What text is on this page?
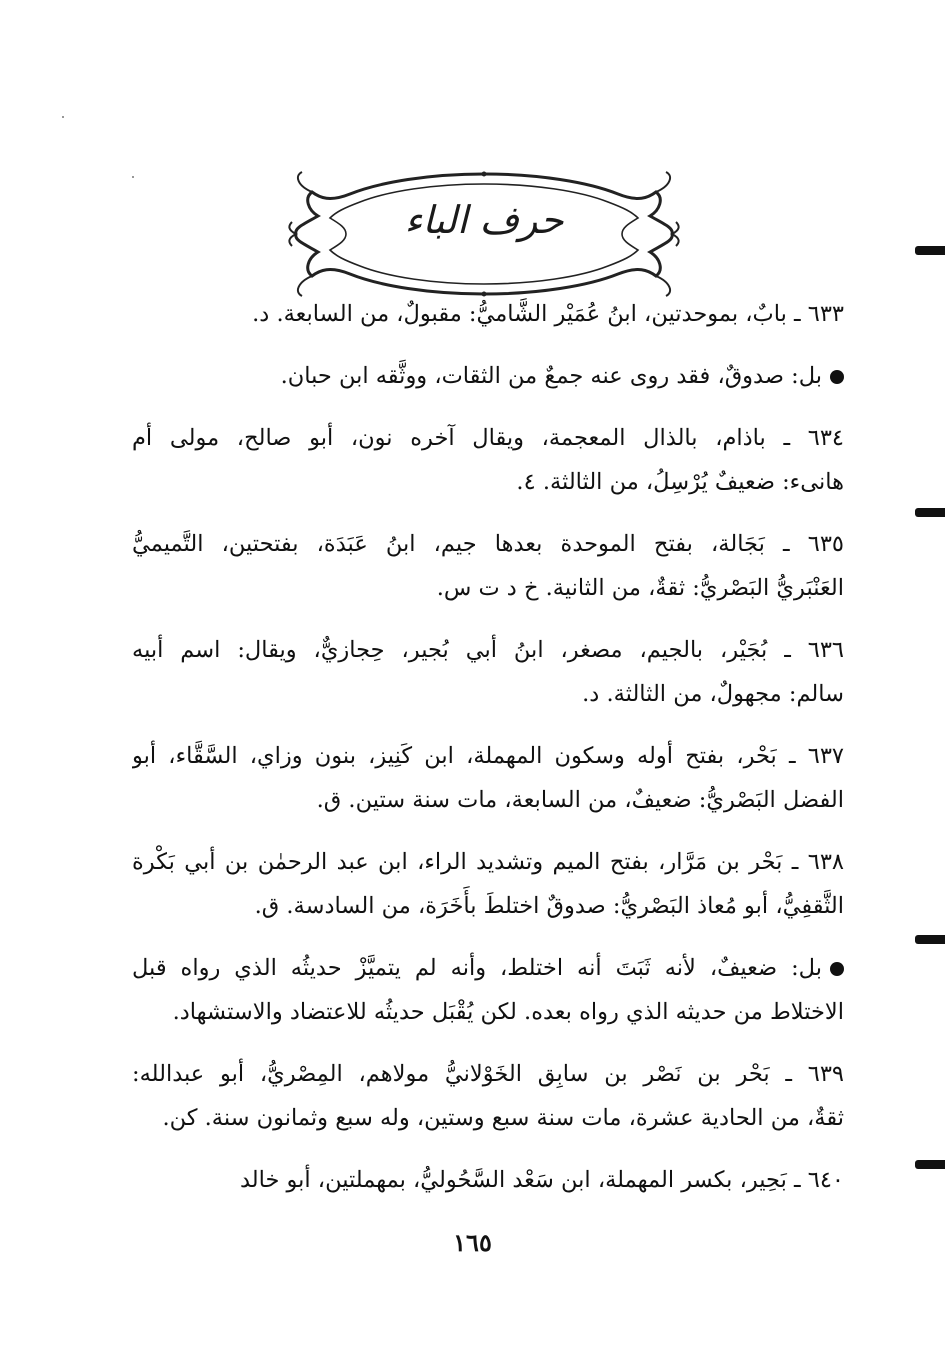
حرف الباء
٦٣٣ ـ بابٌ، بموحدتين، ابنُ عُمَيْر الشَّاميُّ: مقبولٌ، من السابعة. د.
بل: صدوقٌ، فقد روى عنه جمعٌ من الثقات، ووثَّقه ابن حبان.
٦٣٤ ـ باذام، بالذال المعجمة، ويقال آخره نون، أبو صالح، مولى أم
هانىء: ضعيفٌ يُرْسِلُ، من الثالثة. ٤.
٦٣٥ ـ بَجَالة، بفتح الموحدة بعدها جيم، ابنُ عَبَدَة، بفتحتين، التَّميميُّ
العَنْبَريُّ البَصْريُّ: ثقةٌ، من الثانية. خ د ت س.
٦٣٦ ـ بُجَيْر، بالجيم، مصغر، ابنُ أبي بُجير، حِجازيٌّ، ويقال: اسم أبيه
سالم: مجهولٌ، من الثالثة. د.
٦٣٧ ـ بَحْر، بفتح أوله وسكون المهملة، ابن كَنِيز، بنون وزاي، السَّقَّاء، أبو
الفضل البَصْريُّ: ضعيفٌ، من السابعة، مات سنة ستين. ق.
٦٣٨ ـ بَحْر بن مَرَّار، بفتح الميم وتشديد الراء، ابن عبد الرحمٰن بن أبي بَكْرة
الثَّقفِيُّ، أبو مُعاذ البَصْريُّ: صدوقٌ اختلطَ بأَخَرَة، من السادسة. ق.
بل: ضعيفٌ، لأنه ثَبَتَ أنه اختلط، وأنه لم يتميَّزْ حديثُه الذي رواه قبل
الاختلاط من حديثه الذي رواه بعده. لكن يُقْبَل حديثُه للاعتضاد والاستشهاد.
٦٣٩ ـ بَحْر بن نَصْر بن سابِق الخَوْلانيُّ مولاهم، المِصْريُّ، أبو عبدالله:
ثقةٌ، من الحادية عشرة، مات سنة سبع وستين، وله سبع وثمانون سنة. كن.
٦٤٠ ـ بَحِير، بكسر المهملة، ابن سَعْد السَّحُوليُّ، بمهملتين، أبو خالد
١٦٥
